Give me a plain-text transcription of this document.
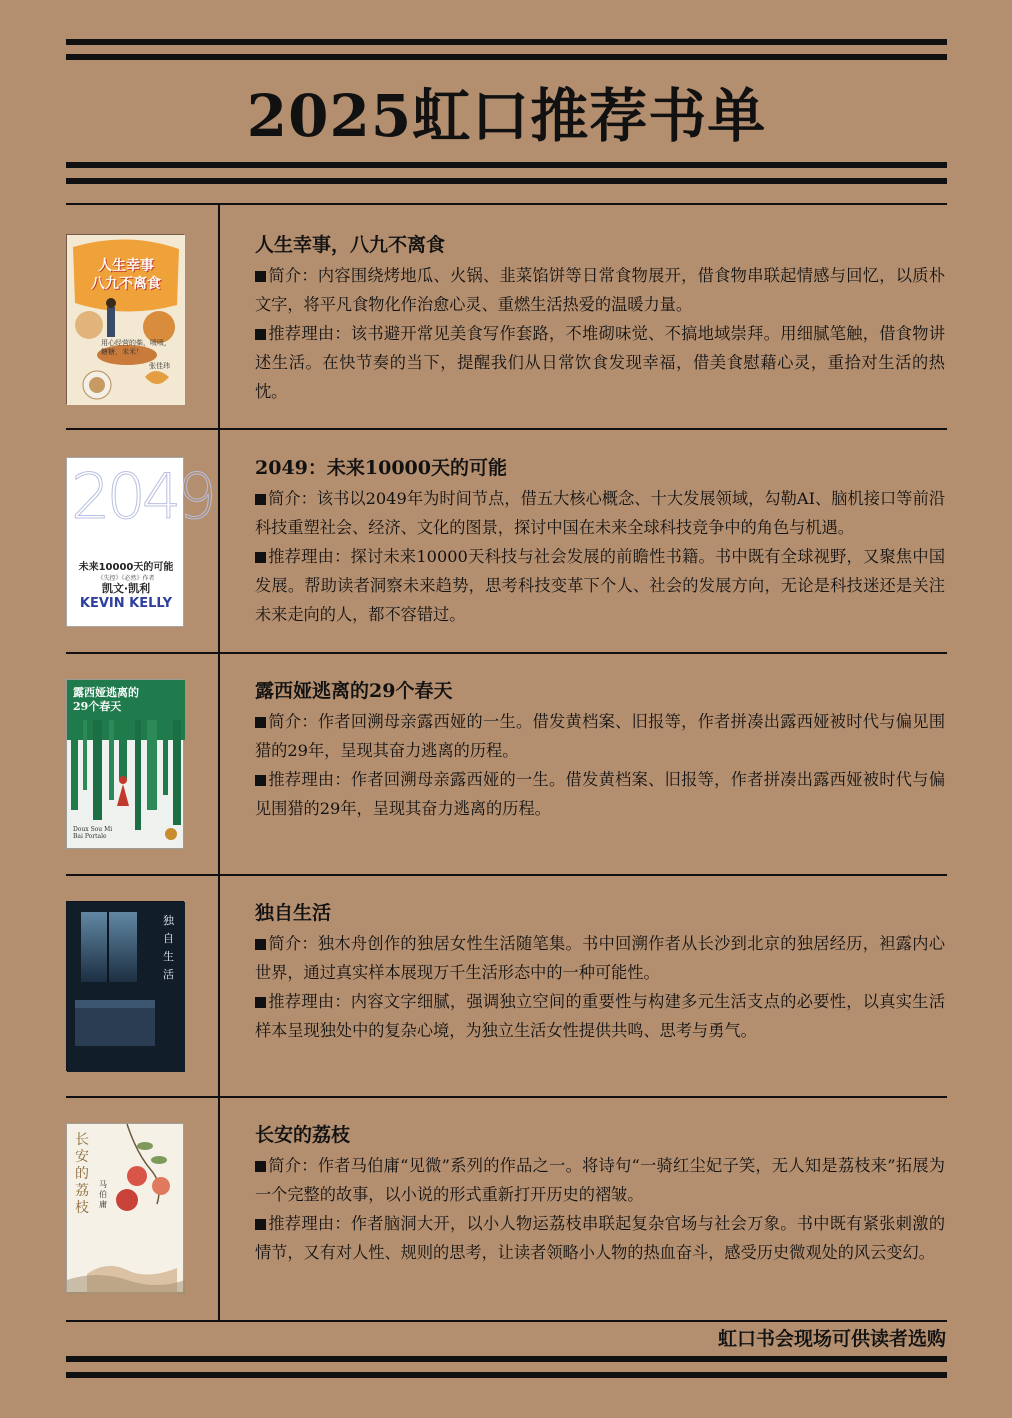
2025虹口推荐书单
人生幸事
八九不离食
用心经营的柴，喷喷，糖糖，米米！
张佳玮
人生幸事，八九不离食
简介：内容围绕烤地瓜、火锅、韭菜馅饼等日常食物展开，借食物串联起情感与回忆，以质朴文字，将平凡食物化作治愈心灵、重燃生活热爱的温暖力量。
推荐理由：该书避开常见美食写作套路，不堆砌味觉、不搞地域崇拜。用细腻笔触，借食物讲述生活。在快节奏的当下，提醒我们从日常饮食发现幸福，借美食慰藉心灵，重拾对生活的热忱。
2049
未来10000天的可能
《失控》《必然》作者
凯文·凯利
KEVIN KELLY
2049：未来10000天的可能
简介：该书以2049年为时间节点，借五大核心概念、十大发展领域，勾勒AI、脑机接口等前沿科技重塑社会、经济、文化的图景，探讨中国在未来全球科技竞争中的角色与机遇。
推荐理由：探讨未来10000天科技与社会发展的前瞻性书籍。书中既有全球视野，又聚焦中国发展。帮助读者洞察未来趋势，思考科技变革下个人、社会的发展方向，无论是科技迷还是关注未来走向的人，都不容错过。
露西娅逃离的
29个春天
Doux Sou Mi Bai Portale
露西娅逃离的29个春天
简介：作者回溯母亲露西娅的一生。借发黄档案、旧报等，作者拼凑出露西娅被时代与偏见围猎的29年，呈现其奋力逃离的历程。
推荐理由：作者回溯母亲露西娅的一生。借发黄档案、旧报等，作者拼凑出露西娅被时代与偏见围猎的29年，呈现其奋力逃离的历程。
独自生活
独自生活
简介：独木舟创作的独居女性生活随笔集。书中回溯作者从长沙到北京的独居经历，袒露内心世界，通过真实样本展现万千生活形态中的一种可能性。
推荐理由：内容文字细腻，强调独立空间的重要性与构建多元生活支点的必要性，以真实生活样本呈现独处中的复杂心境，为独立生活女性提供共鸣、思考与勇气。
长安的荔枝
马伯庸
长安的荔枝
简介：作者马伯庸“见微”系列的作品之一。将诗句“一骑红尘妃子笑，无人知是荔枝来”拓展为一个完整的故事，以小说的形式重新打开历史的褶皱。
推荐理由：作者脑洞大开，以小人物运荔枝串联起复杂官场与社会万象。书中既有紧张刺激的情节，又有对人性、规则的思考，让读者领略小人物的热血奋斗，感受历史微观处的风云变幻。
虹口书会现场可供读者选购
